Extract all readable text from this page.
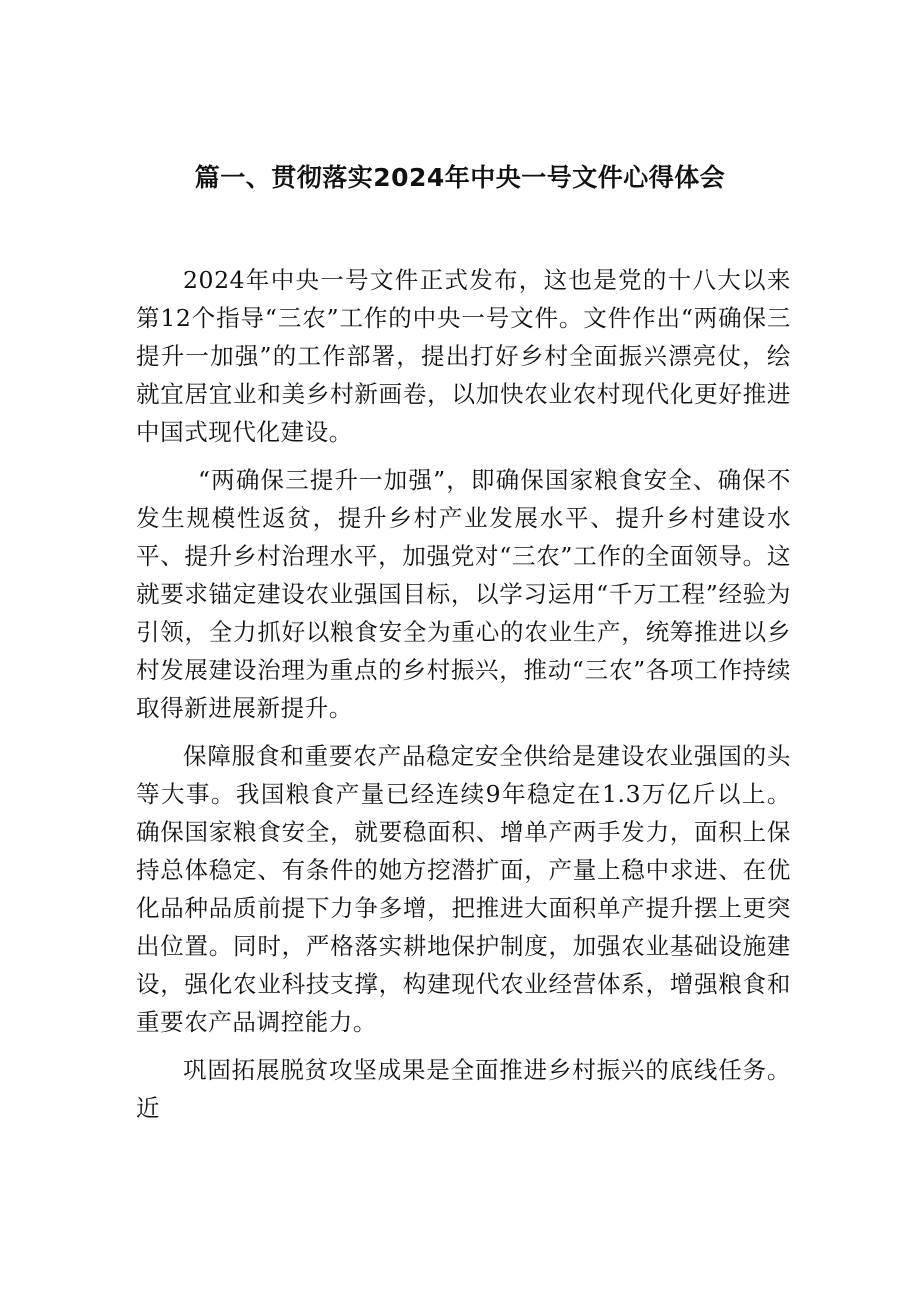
篇一、贯彻落实2024年中央一号文件心得体会

2024年中央一号文件正式发布，这也是党的十八大以来第12个指导“三农”工作的中央一号文件。文件作出“两确保三提升一加强”的工作部署，提出打好乡村全面振兴漂亮仗，绘就宜居宜业和美乡村新画卷，以加快农业农村现代化更好推进中国式现代化建设。

“两确保三提升一加强”，即确保国家粮食安全、确保不发生规模性返贫，提升乡村产业发展水平、提升乡村建设水平、提升乡村治理水平，加强党对“三农”工作的全面领导。这就要求锚定建设农业强国目标，以学习运用“千万工程”经验为引领，全力抓好以粮食安全为重心的农业生产，统筹推进以乡村发展建设治理为重点的乡村振兴，推动“三农”各项工作持续取得新进展新提升。

保障服食和重要农产品稳定安全供给是建设农业强国的头等大事。我国粮食产量已经连续9年稳定在1.3万亿斤以上。确保国家粮食安全，就要稳面积、增单产两手发力，面积上保持总体稳定、有条件的她方挖潜扩面，产量上稳中求进、在优化品种品质前提下力争多增，把推进大面积单产提升摆上更突出位置。同时，严格落实耕地保护制度，加强农业基础设施建设，强化农业科技支撑，构建现代农业经营体系，增强粮食和重要农产品调控能力。

巩固拓展脱贫攻坚成果是全面推进乡村振兴的底线任务。近
